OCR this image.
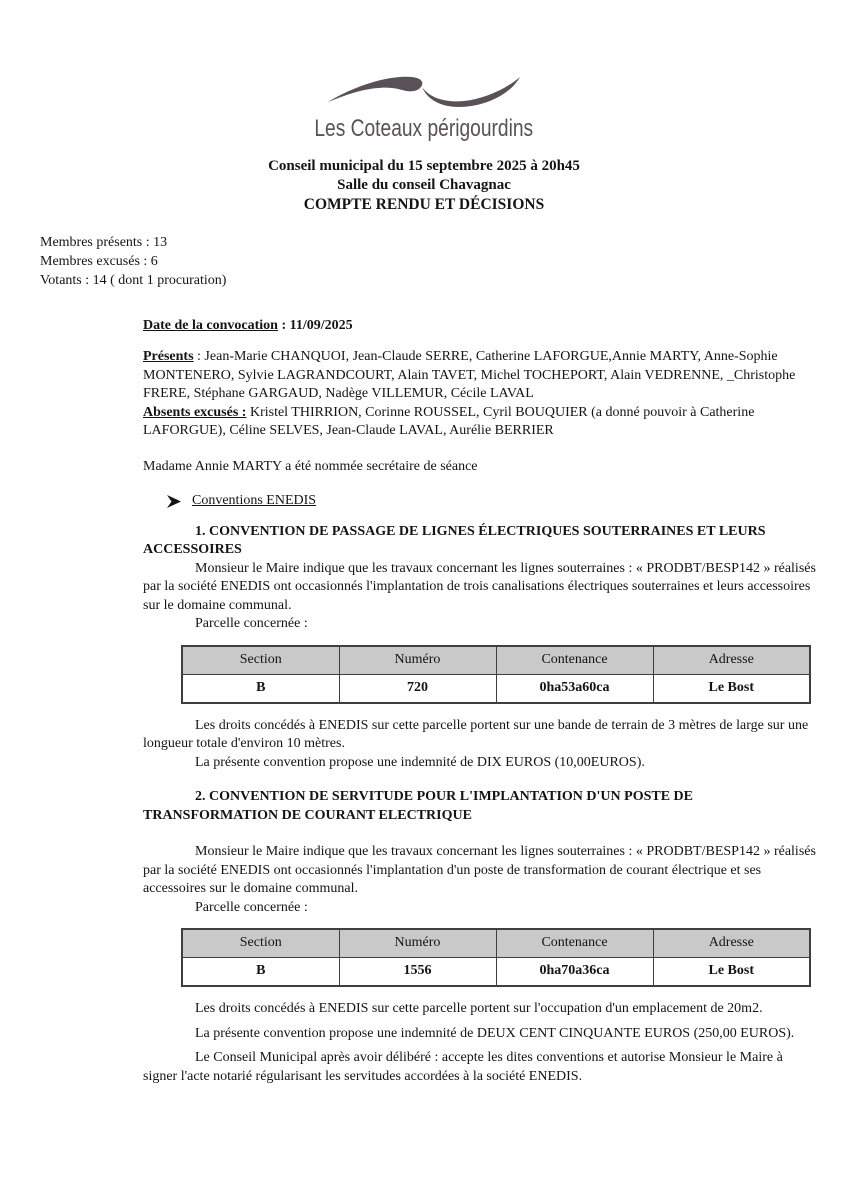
Les Coteaux périgourdins

Conseil municipal du 15 septembre 2025 à 20h45

Salle du conseil Chavagnac

COMPTE RENDU ET DÉCISIONS

Membres présents : 13

Membres excusés : 6

Votants : 14 ( dont 1 procuration)

Date de la convocation : 11/09/2025

Présents : Jean-Marie CHANQUOI, Jean-Claude SERRE, Catherine LAFORGUE,Annie MARTY, Anne-Sophie MONTENERO, Sylvie LAGRANDCOURT, Alain TAVET, Michel TOCHEPORT, Alain VEDRENNE, _Christophe FRERE, Stéphane GARGAUD, Nadège VILLEMUR, Cécile LAVAL

Absents excusés : Kristel THIRRION, Corinne ROUSSEL, Cyril BOUQUIER (a donné pouvoir à Catherine LAFORGUE), Céline SELVES, Jean-Claude LAVAL, Aurélie BERRIER

Madame Annie MARTY a été nommée secrétaire de séance

Conventions ENEDIS

1. CONVENTION DE PASSAGE DE LIGNES ÉLECTRIQUES SOUTERRAINES ET LEURS ACCESSOIRES

Monsieur le Maire indique que les travaux concernant les lignes souterraines : « PRODBT/BESP142 » réalisés par la société ENEDIS ont occasionnés l'implantation de trois canalisations électriques souterraines et leurs accessoires sur le domaine communal.

Parcelle concernée :

Section	Numéro	Contenance	Adresse
B	720	0ha53a60ca	Le Bost

Les droits concédés à ENEDIS sur cette parcelle portent sur une bande de terrain de 3 mètres de large sur une longueur totale d'environ 10 mètres.

La présente convention propose une indemnité de DIX EUROS (10,00EUROS).

2. CONVENTION DE SERVITUDE POUR L'IMPLANTATION D'UN POSTE DE TRANSFORMATION DE COURANT ELECTRIQUE

Monsieur le Maire indique que les travaux concernant les lignes souterraines : « PRODBT/BESP142 » réalisés par la société ENEDIS ont occasionnés l'implantation d'un poste de transformation de courant électrique et ses accessoires sur le domaine communal.

Parcelle concernée :

Section	Numéro	Contenance	Adresse
B	1556	0ha70a36ca	Le Bost

Les droits concédés à ENEDIS sur cette parcelle portent sur l'occupation d'un emplacement de 20m2.

La présente convention propose une indemnité de DEUX CENT CINQUANTE EUROS (250,00 EUROS).

Le Conseil Municipal après avoir délibéré : accepte les dites conventions et autorise Monsieur le Maire à signer l'acte notarié régularisant les servitudes accordées à la société ENEDIS.
